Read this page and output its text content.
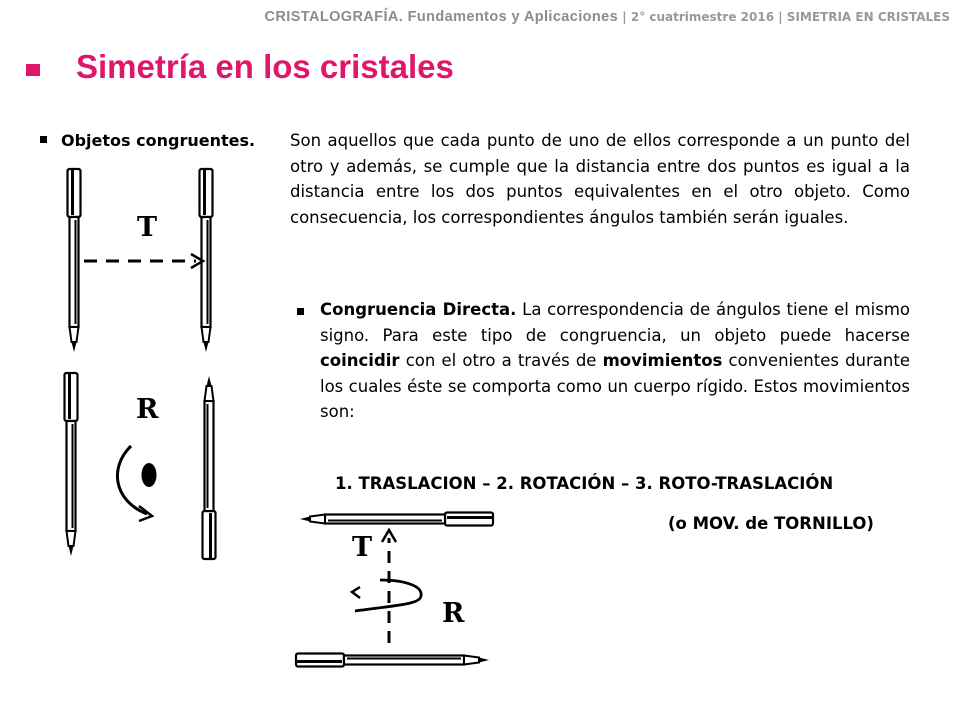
CRISTALOGRAFÍA. Fundamentos y Aplicaciones | 2° cuatrimestre 2016 | SIMETRIA EN CRISTALES
Simetría en los cristales
Objetos congruentes. Son aquellos que cada punto de uno de ellos corresponde a un punto del otro y además, se cumple que la distancia entre dos puntos es igual a la distancia entre los dos puntos equivalentes en el otro objeto. Como consecuencia, los correspondientes ángulos también serán iguales.
Congruencia Directa. La correspondencia de ángulos tiene el mismo signo. Para este tipo de congruencia, un objeto puede hacerse coincidir con el otro a través de movimientos convenientes durante los cuales éste se comporta como un cuerpo rígido. Estos movimientos son:
1. TRASLACION – 2. ROTACIÓN – 3. ROTO-TRASLACIÓN
(o MOV. de TORNILLO)
T
R
T
R
